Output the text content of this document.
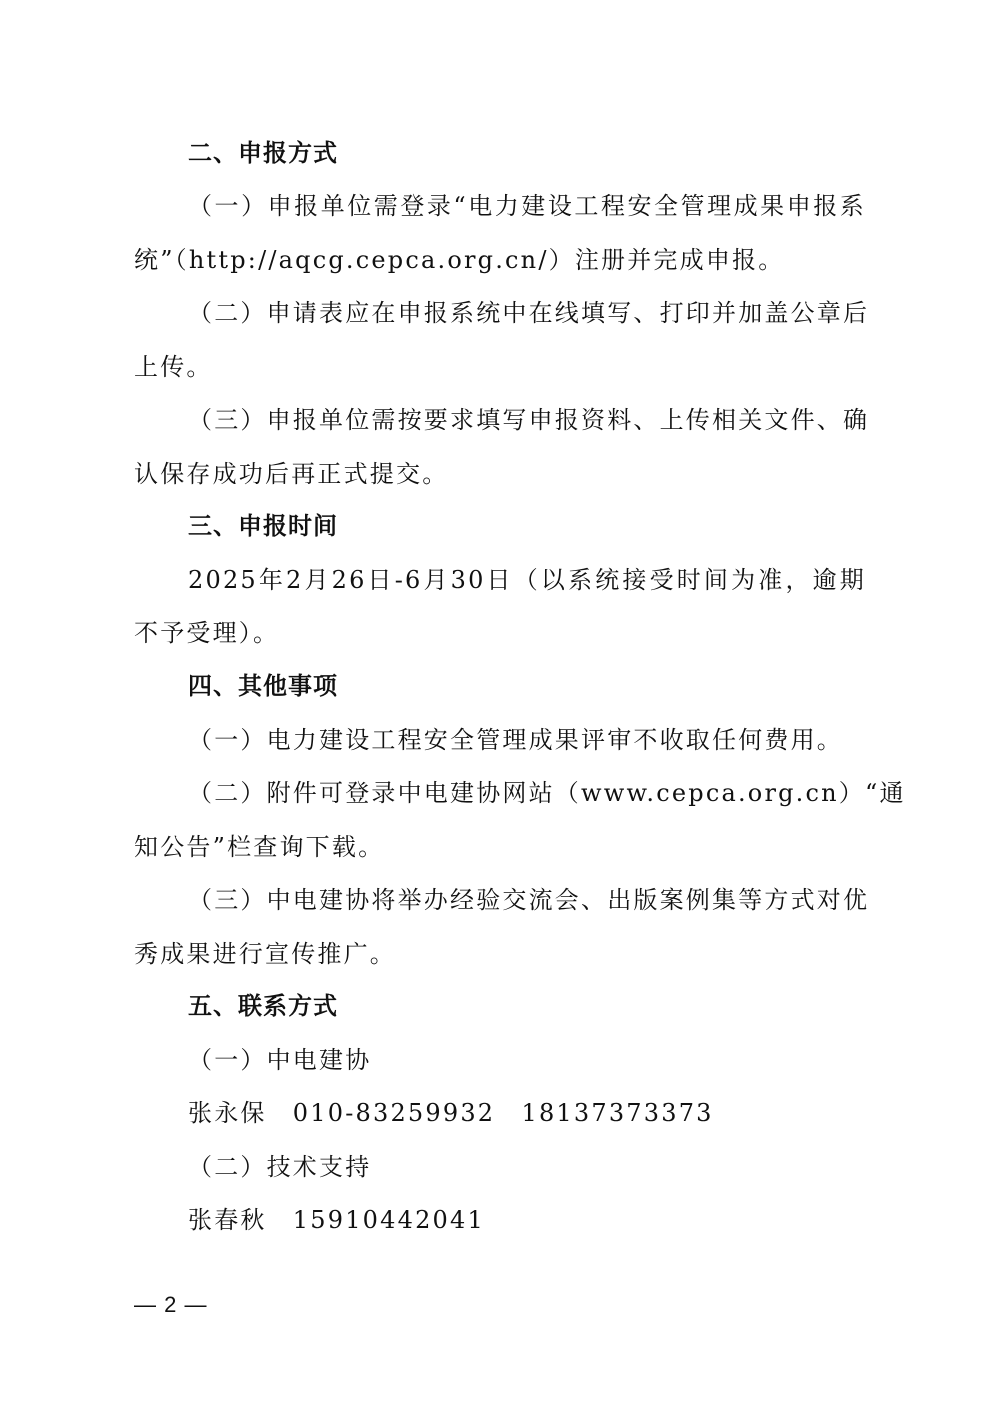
二、申报方式
（一）申报单位需登录“电力建设工程安全管理成果申报系
统”（http://aqcg.cepca.org.cn/）注册并完成申报。
（二）申请表应在申报系统中在线填写、打印并加盖公章后
上传。
（三）申报单位需按要求填写申报资料、上传相关文件、确
认保存成功后再正式提交。
三、申报时间
2025年2月26日-6月30日（以系统接受时间为准，逾期
不予受理）。
四、其他事项
（一）电力建设工程安全管理成果评审不收取任何费用。
（二）附件可登录中电建协网站（www.cepca.org.cn）“通
知公告”栏查询下载。
（三）中电建协将举办经验交流会、出版案例集等方式对优
秀成果进行宣传推广。
五、联系方式
（一）中电建协
张永保　010-83259932　18137373373
（二）技术支持
张春秋　15910442041
— 2 —
